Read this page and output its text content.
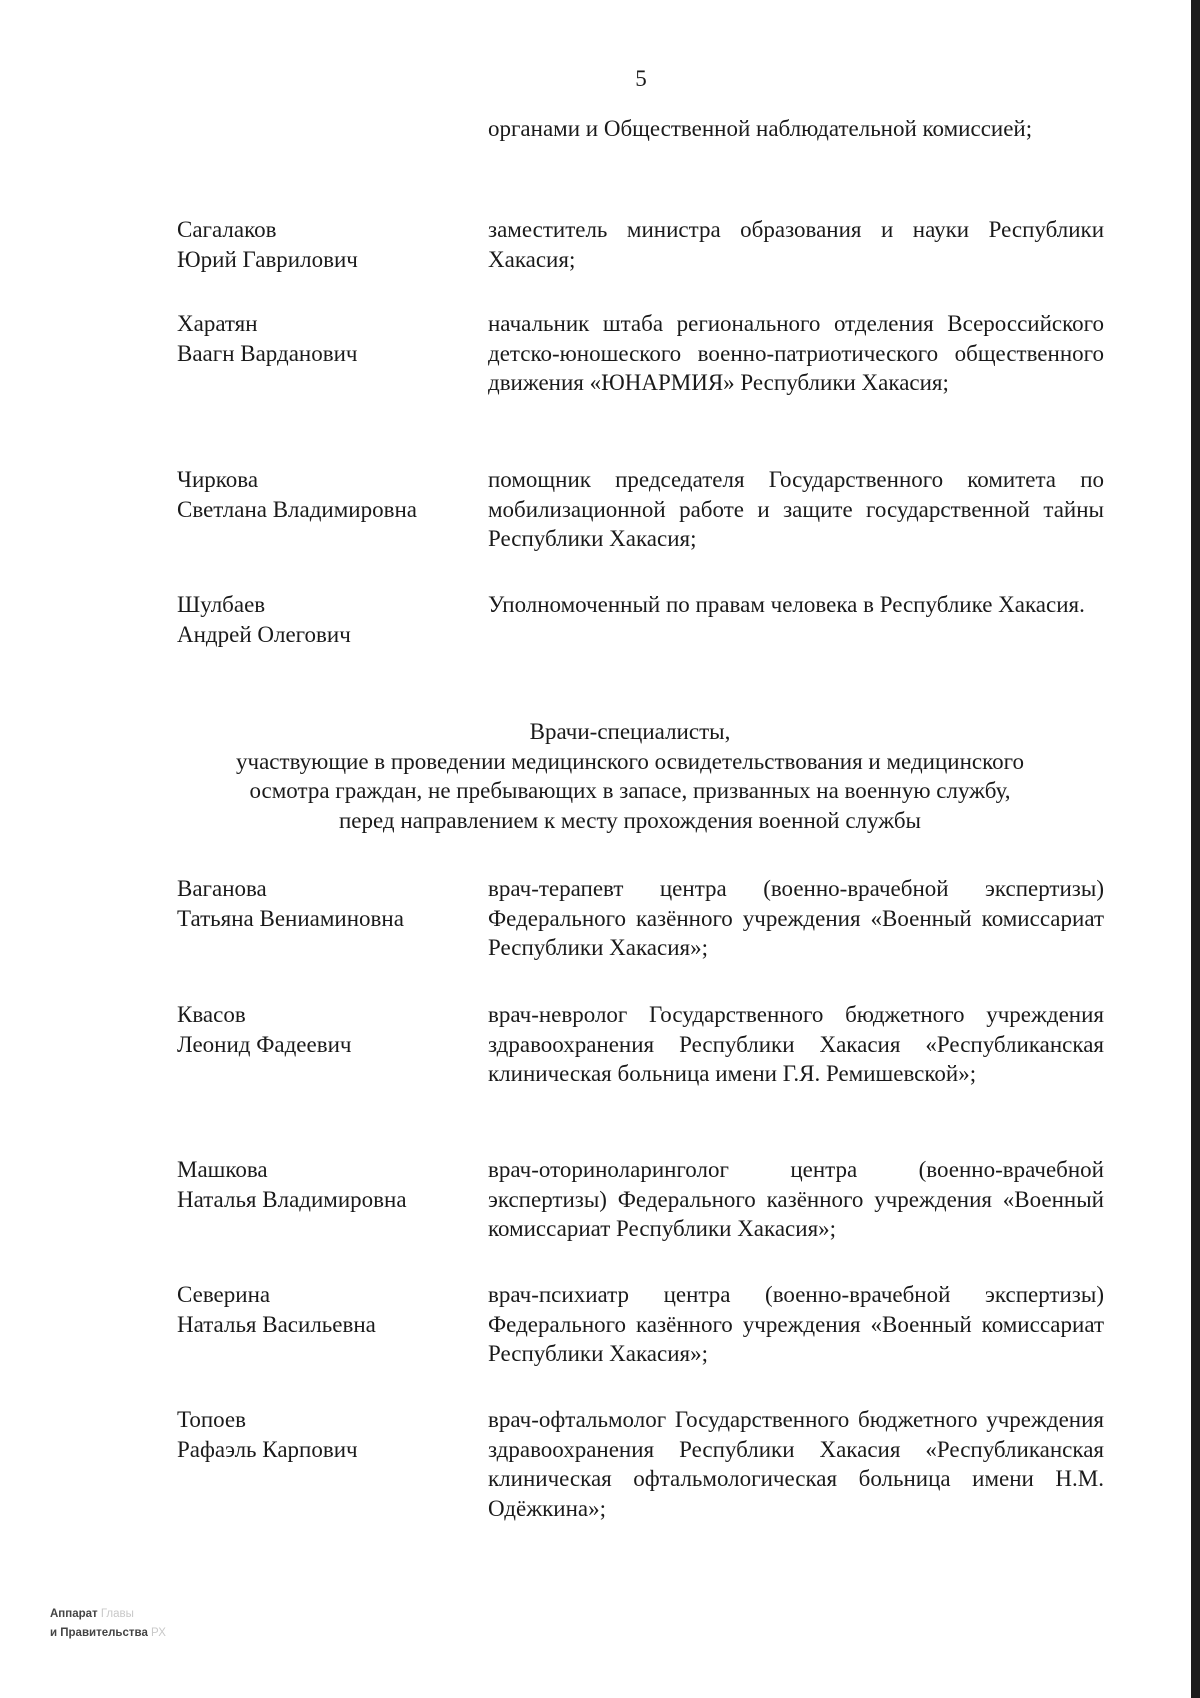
5
органами и Общественной наблюдательной комиссией;
Сагалаков
Юрий Гаврилович
заместитель министра образования и науки Республики Хакасия;
Харатян
Ваагн Варданович
начальник штаба регионального отделения Всероссийского детско-юношеского военно-патриотического общественного движения «ЮНАРМИЯ» Республики Хакасия;
Чиркова
Светлана Владимировна
помощник председателя Государственного комитета по мобилизационной работе и защите государственной тайны Республики Хакасия;
Шулбаев
Андрей Олегович
Уполномоченный по правам человека в Республике Хакасия.
Врачи-специалисты,
участвующие в проведении медицинского освидетельствования и медицинского
осмотра граждан, не пребывающих в запасе, призванных на военную службу,
перед направлением к месту прохождения военной службы
Ваганова
Татьяна Вениаминовна
врач-терапевт центра (военно-врачебной экспертизы) Федерального казённого учреждения «Военный комиссариат Республики Хакасия»;
Квасов
Леонид Фадеевич
врач-невролог Государственного бюджетного учреждения здравоохранения Республики Хакасия «Республиканская клиническая больница имени Г.Я. Ремишевской»;
Машкова
Наталья Владимировна
врач-оториноларинголог центра (военно-врачебной экспертизы) Федерального казённого учреждения «Военный комиссариат Республики Хакасия»;
Северина
Наталья Васильевна
врач-психиатр центра (военно-врачебной экспертизы) Федерального казённого учреждения «Военный комиссариат Республики Хакасия»;
Топоев
Рафаэль Карпович
врач-офтальмолог Государственного бюджетного учреждения здравоохранения Республики Хакасия «Республиканская клиническая офтальмологическая больница имени Н.М. Одёжкина»;
Аппарат Главы
и Правительства РХ
